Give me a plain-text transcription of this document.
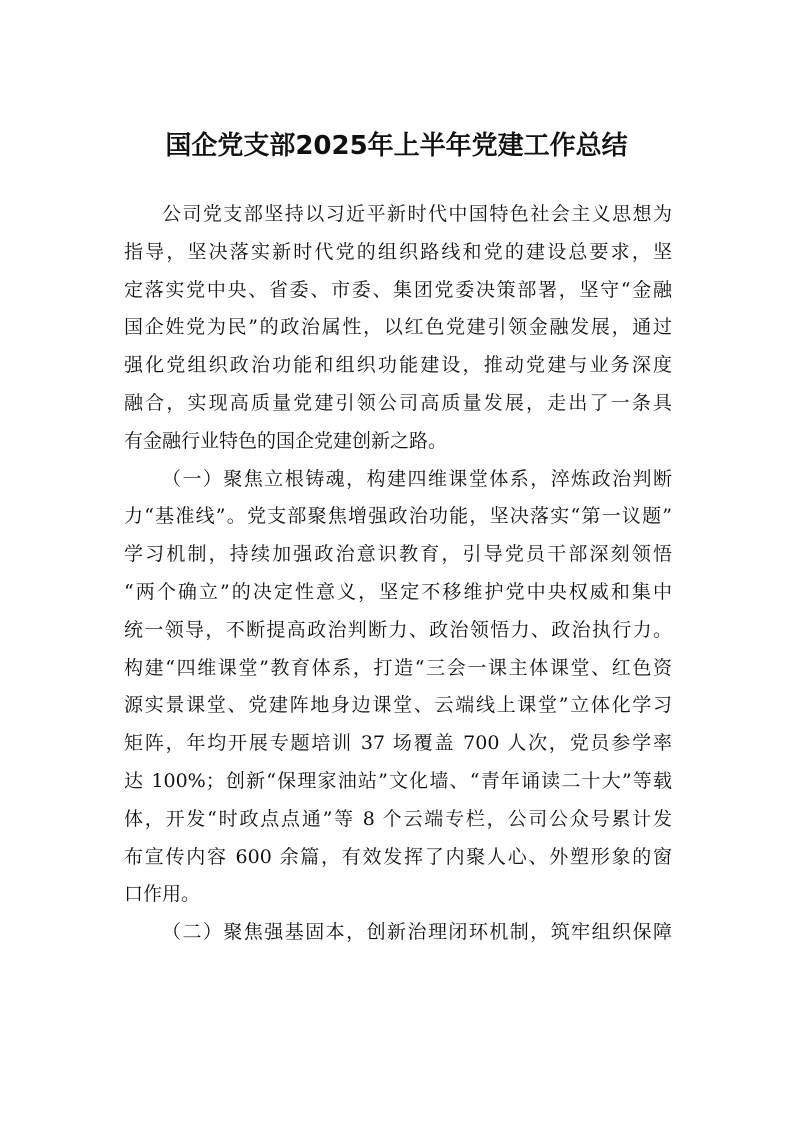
国企党支部2025年上半年党建工作总结
公司党支部坚持以习近平新时代中国特色社会主义思想为
指导，坚决落实新时代党的组织路线和党的建设总要求，坚
定落实党中央、省委、市委、集团党委决策部署，坚守“金融
国企姓党为民”的政治属性，以红色党建引领金融发展，通过
强化党组织政治功能和组织功能建设，推动党建与业务深度
融合，实现高质量党建引领公司高质量发展，走出了一条具
有金融行业特色的国企党建创新之路。
（一）聚焦立根铸魂，构建四维课堂体系，淬炼政治判断
力“基准线”。党支部聚焦增强政治功能，坚决落实“第一议题”
学习机制，持续加强政治意识教育，引导党员干部深刻领悟
“两个确立”的决定性意义，坚定不移维护党中央权威和集中
统一领导，不断提高政治判断力、政治领悟力、政治执行力。
构建“四维课堂”教育体系，打造“三会一课主体课堂、红色资
源实景课堂、党建阵地身边课堂、云端线上课堂”立体化学习
矩阵，年均开展专题培训 37 场覆盖 700 人次，党员参学率
达 100%；创新“保理家油站”文化墙、“青年诵读二十大”等载
体，开发“时政点点通”等 8 个云端专栏，公司公众号累计发
布宣传内容 600 余篇，有效发挥了内聚人心、外塑形象的窗
口作用。
（二）聚焦强基固本，创新治理闭环机制，筑牢组织保障
